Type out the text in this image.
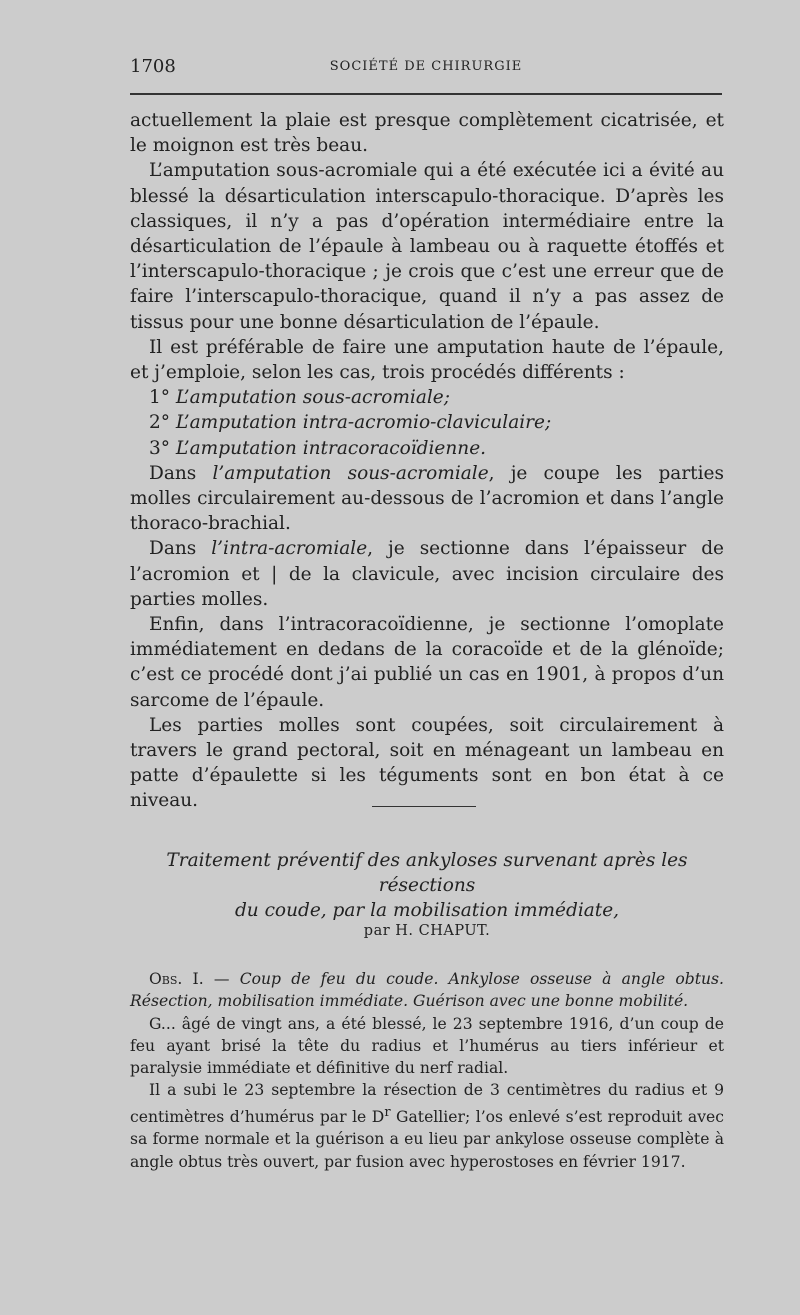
1708	SOCIÉTÉ DE CHIRURGIE

actuellement la plaie est presque complètement cicatrisée, et le moignon est très beau.

L’amputation sous-acromiale qui a été exécutée ici a évité au blessé la désarticulation interscapulo-thoracique. D’après les classiques, il n’y a pas d’opération intermédiaire entre la désarticulation de l’épaule à lambeau ou à raquette étoffés et l’interscapulo-thoracique ; je crois que c’est une erreur que de faire l’interscapulo-thoracique, quand il n’y a pas assez de tissus pour une bonne désarticulation de l’épaule.

Il est préférable de faire une amputation haute de l’épaule, et j’emploie, selon les cas, trois procédés différents :

1° L’amputation sous-acromiale;

2° L’amputation intra-acromio-claviculaire;

3° L’amputation intracoracoïdienne.

Dans l’amputation sous-acromiale, je coupe les parties molles circulairement au-dessous de l’acromion et dans l’angle thoraco-brachial.

Dans l’intra-acromiale, je sectionne dans l’épaisseur de l’acromion et | de la clavicule, avec incision circulaire des parties molles.

Enfin, dans l’intracoracoïdienne, je sectionne l’omoplate immédiatement en dedans de la coracoïde et de la glénoïde; c’est ce procédé dont j’ai publié un cas en 1901, à propos d’un sarcome de l’épaule.

Les parties molles sont coupées, soit circulairement à travers le grand pectoral, soit en ménageant un lambeau en patte d’épaulette si les téguments sont en bon état à ce niveau.

Traitement préventif des ankyloses survenant après les résections
du coude, par la mobilisation immédiate,
par H. CHAPUT.

Obs. I. — Coup de feu du coude. Ankylose osseuse à angle obtus. Résection, mobilisation immédiate. Guérison avec une bonne mobilité.

G... âgé de vingt ans, a été blessé, le 23 septembre 1916, d’un coup de feu ayant brisé la tête du radius et l’humérus au tiers inférieur et paralysie immédiate et définitive du nerf radial.

Il a subi le 23 septembre la résection de 3 centimètres du radius et 9 centimètres d’humérus par le $D^r$ Gatellier; l’os enlevé s’est reproduit avec sa forme normale et la guérison a eu lieu par ankylose osseuse complète à angle obtus très ouvert, par fusion avec hyperostoses en février 1917.
